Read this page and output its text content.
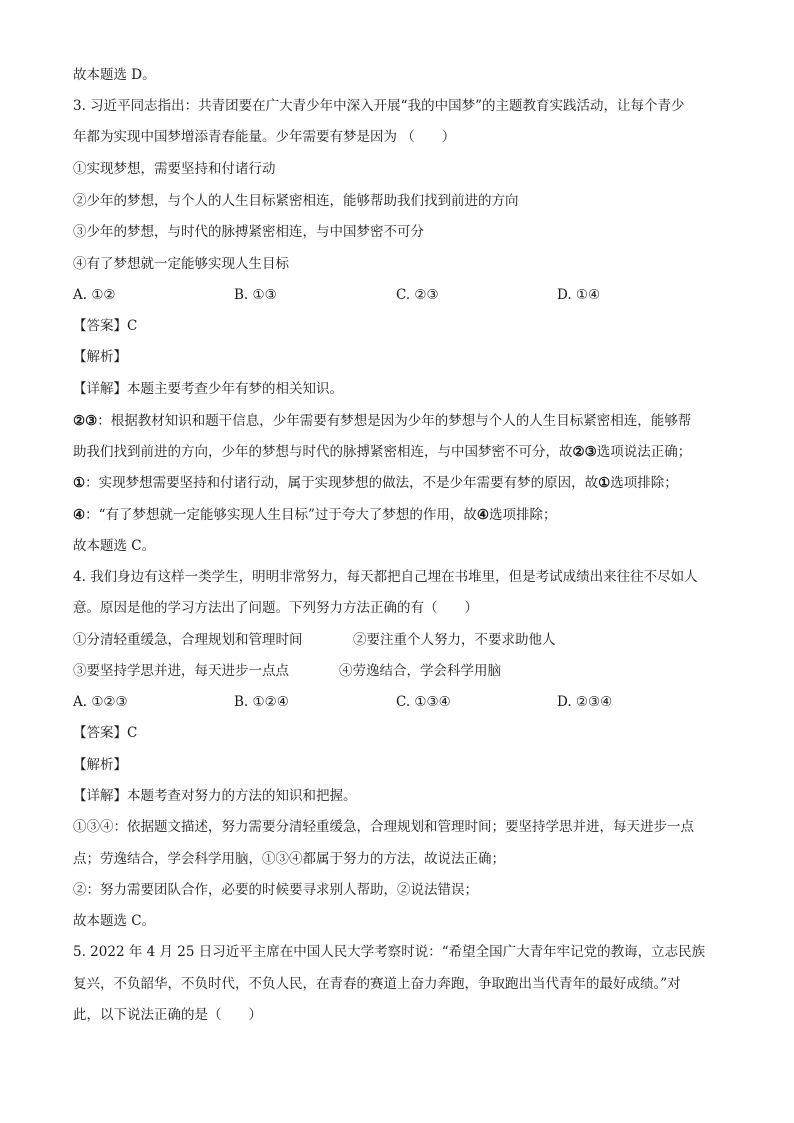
故本题选 D。
3. 习近平同志指出：共青团要在广大青少年中深入开展“我的中国梦”的主题教育实践活动，让每个青少
年都为实现中国梦增添青春能量。少年需要有梦是因为 （　　）
①实现梦想，需要坚持和付诸行动
②少年的梦想，与个人的人生目标紧密相连，能够帮助我们找到前进的方向
③少年的梦想，与时代的脉搏紧密相连，与中国梦密不可分
④有了梦想就一定能够实现人生目标
A. ①②	B. ①③	C. ②③	D. ①④
【答案】C
【解析】
【详解】本题主要考查少年有梦的相关知识。
②③：根据教材知识和题干信息，少年需要有梦想是因为少年的梦想与个人的人生目标紧密相连，能够帮
助我们找到前进的方向，少年的梦想与时代的脉搏紧密相连，与中国梦密不可分，故②③选项说法正确；
①：实现梦想需要坚持和付诸行动，属于实现梦想的做法，不是少年需要有梦的原因，故①选项排除；
④：“有了梦想就一定能够实现人生目标”过于夸大了梦想的作用，故④选项排除；
故本题选 C。
4. 我们身边有这样一类学生，明明非常努力，每天都把自己埋在书堆里，但是考试成绩出来往往不尽如人
意。原因是他的学习方法出了问题。下列努力方法正确的有（　　）
①分清轻重缓急，合理规划和管理时间	②要注重个人努力，不要求助他人
③要坚持学思并进，每天进步一点点	④劳逸结合，学会科学用脑
A. ①②③	B. ①②④	C. ①③④	D. ②③④
【答案】C
【解析】
【详解】本题考查对努力的方法的知识和把握。
①③④：依据题文描述，努力需要分清轻重缓急，合理规划和管理时间；要坚持学思并进，每天进步一点
点；劳逸结合，学会科学用脑，①③④都属于努力的方法，故说法正确；
②：努力需要团队合作，必要的时候要寻求别人帮助，②说法错误；
故本题选 C。
5. 2022 年 4 月 25 日习近平主席在中国人民大学考察时说：“希望全国广大青年牢记党的教诲，立志民族
复兴，不负韶华，不负时代，不负人民，在青春的赛道上奋力奔跑，争取跑出当代青年的最好成绩。”对
此，以下说法正确的是（　　）
